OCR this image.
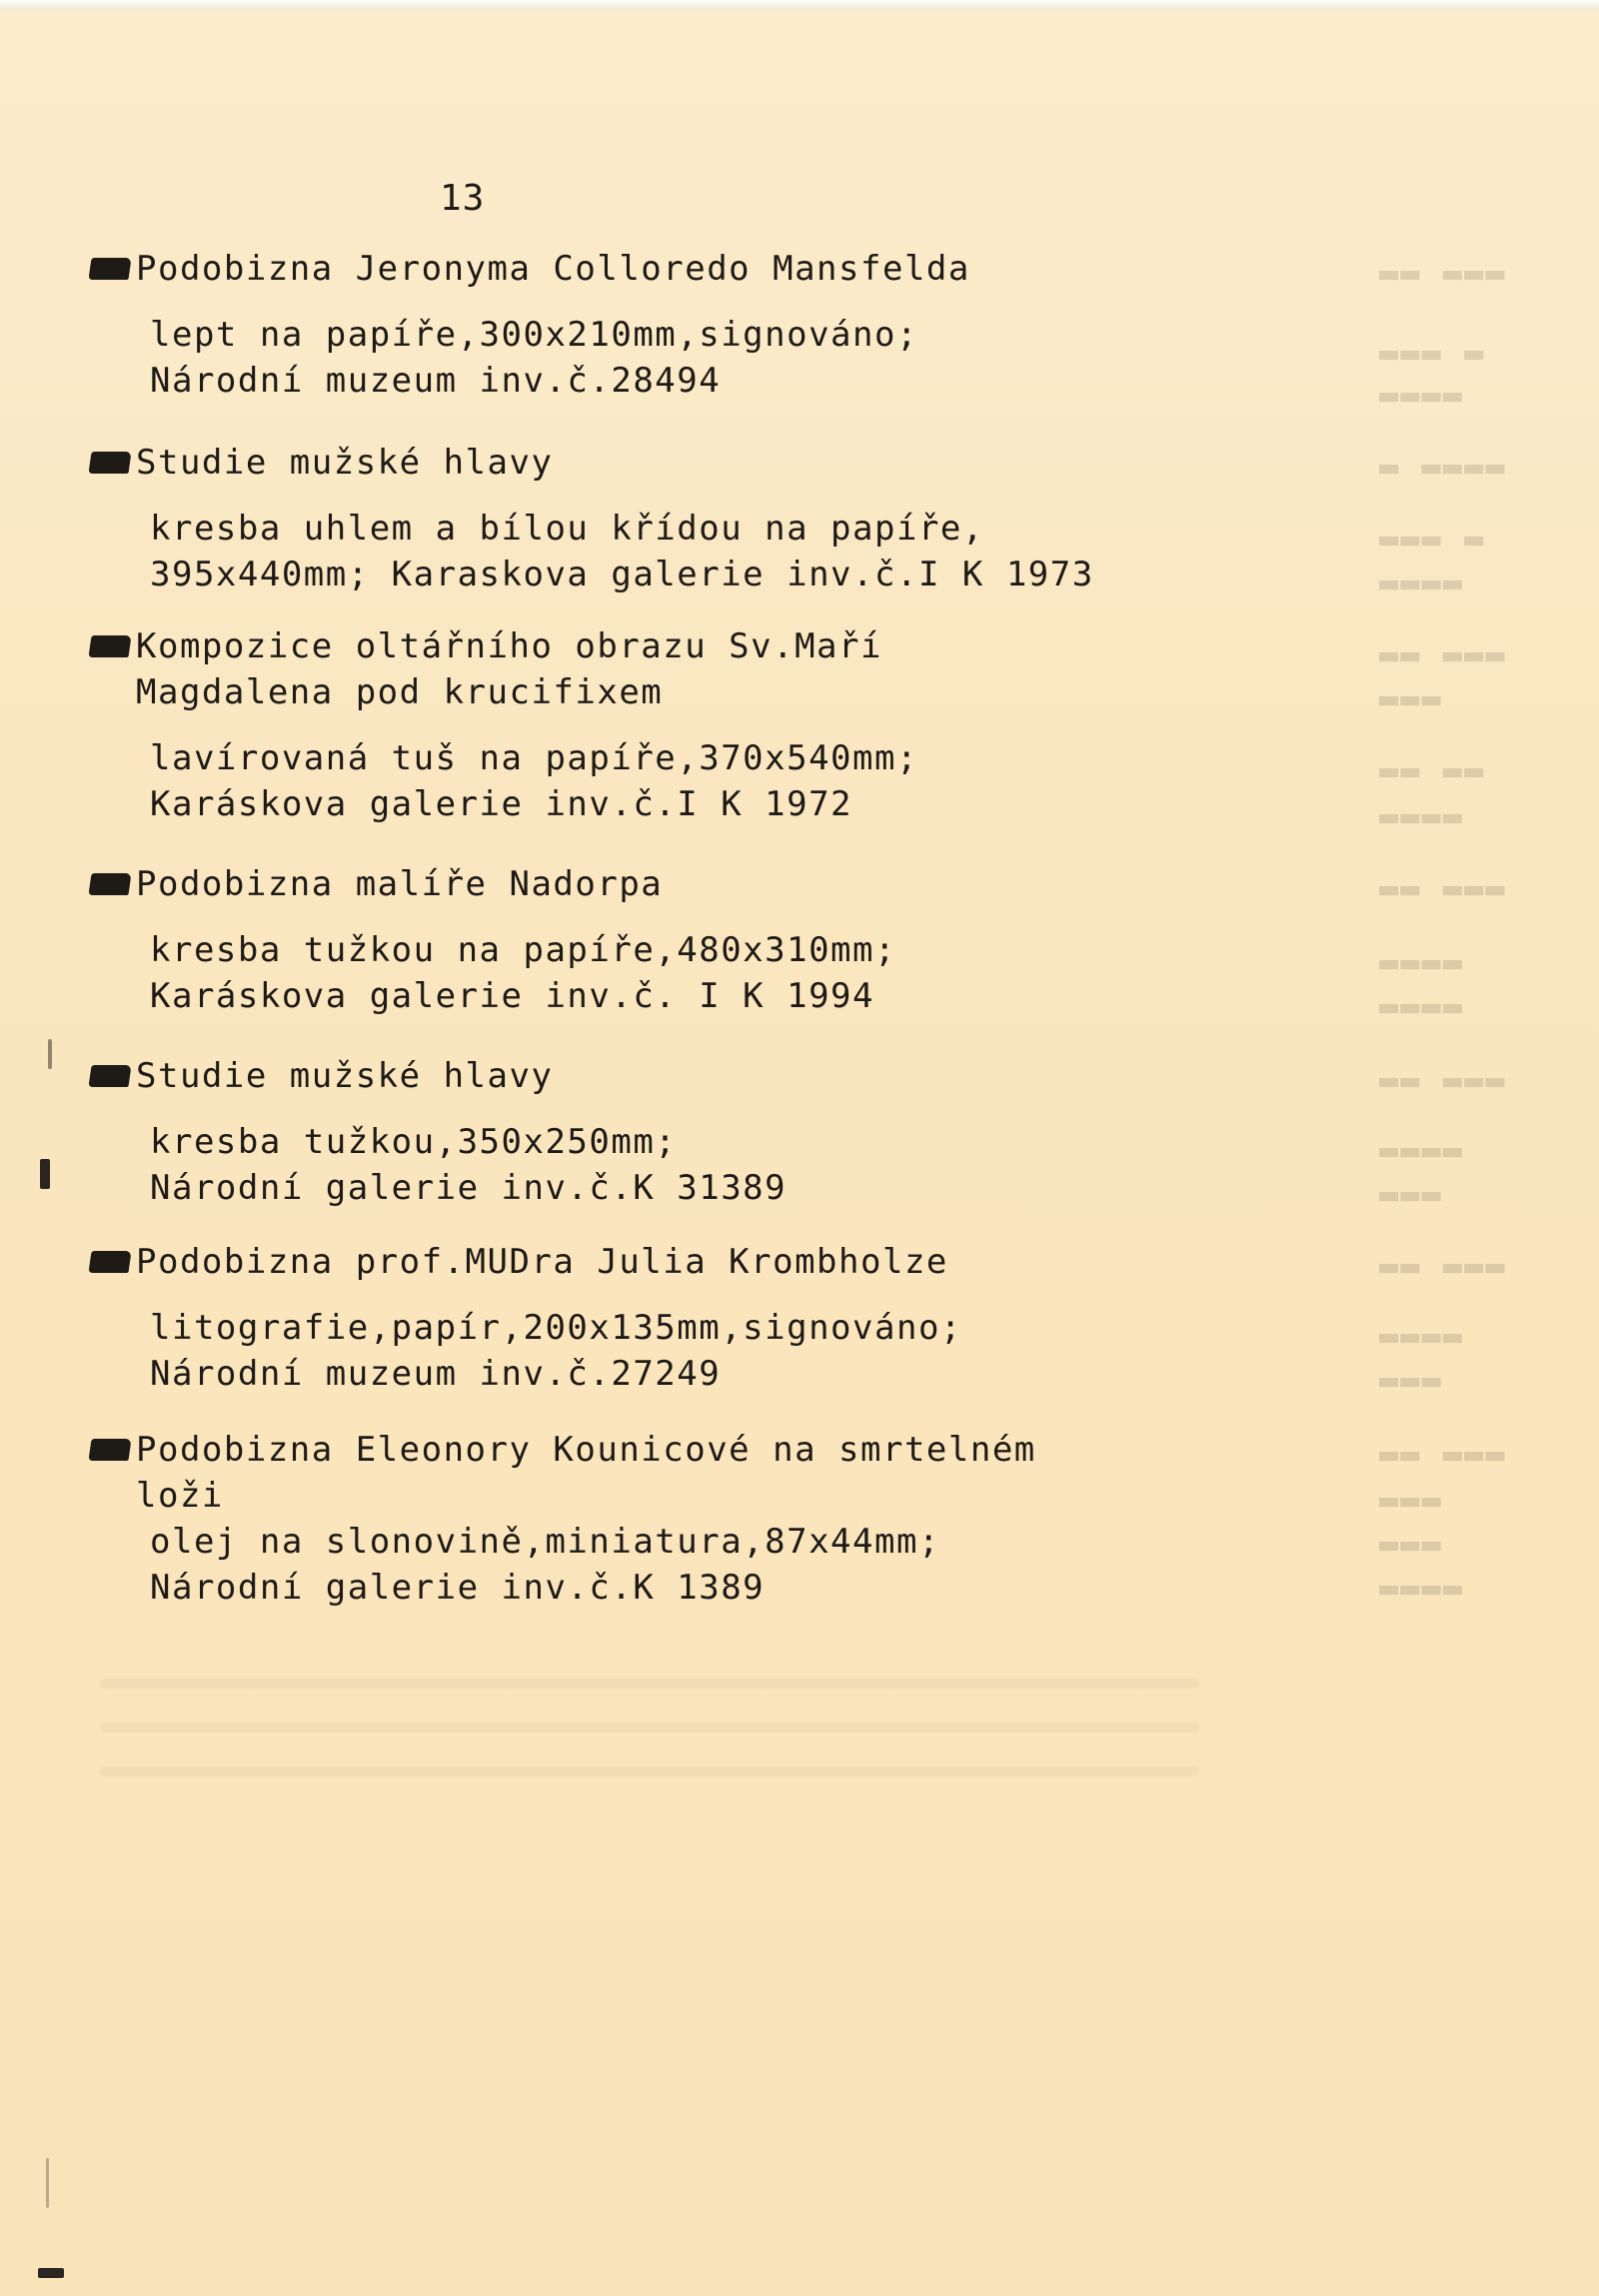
13
Podobizna Jeronyma Colloredo Mansfelda
lept na papíře,300x210mm,signováno;
Národní muzeum inv.č.28494
Studie mužské hlavy
kresba uhlem a bílou křídou na papíře,
395x440mm; Karaskova galerie inv.č.I K 1973
Kompozice oltářního obrazu Sv.Maří
Magdalena pod krucifixem
lavírovaná tuš na papíře,370x540mm;
Karáskova galerie inv.č.I K 1972
Podobizna malíře Nadorpa
kresba tužkou na papíře,480x310mm;
Karáskova galerie inv.č. I K 1994
Studie mužské hlavy
kresba tužkou,350x250mm;
Národní galerie inv.č.K 31389
Podobizna prof.MUDra Julia Krombholze
litografie,papír,200x135mm,signováno;
Národní muzeum inv.č.27249
Podobizna Eleonory Kounicové na smrtelném
loži
olej na slonovině,miniatura,87x44mm;
Národní galerie inv.č.K 1389
▬▬ ▬▬▬
▬▬▬ ▬
▬▬▬▬
▬ ▬▬▬▬
▬▬▬ ▬
▬▬▬▬
▬▬ ▬▬▬
▬▬▬
▬▬ ▬▬
▬▬▬▬
▬▬ ▬▬▬
▬▬▬▬
▬▬▬▬
▬▬ ▬▬▬
▬▬▬▬
▬▬▬
▬▬ ▬▬▬
▬▬▬▬
▬▬▬
▬▬ ▬▬▬
▬▬▬
▬▬▬
▬▬▬▬
